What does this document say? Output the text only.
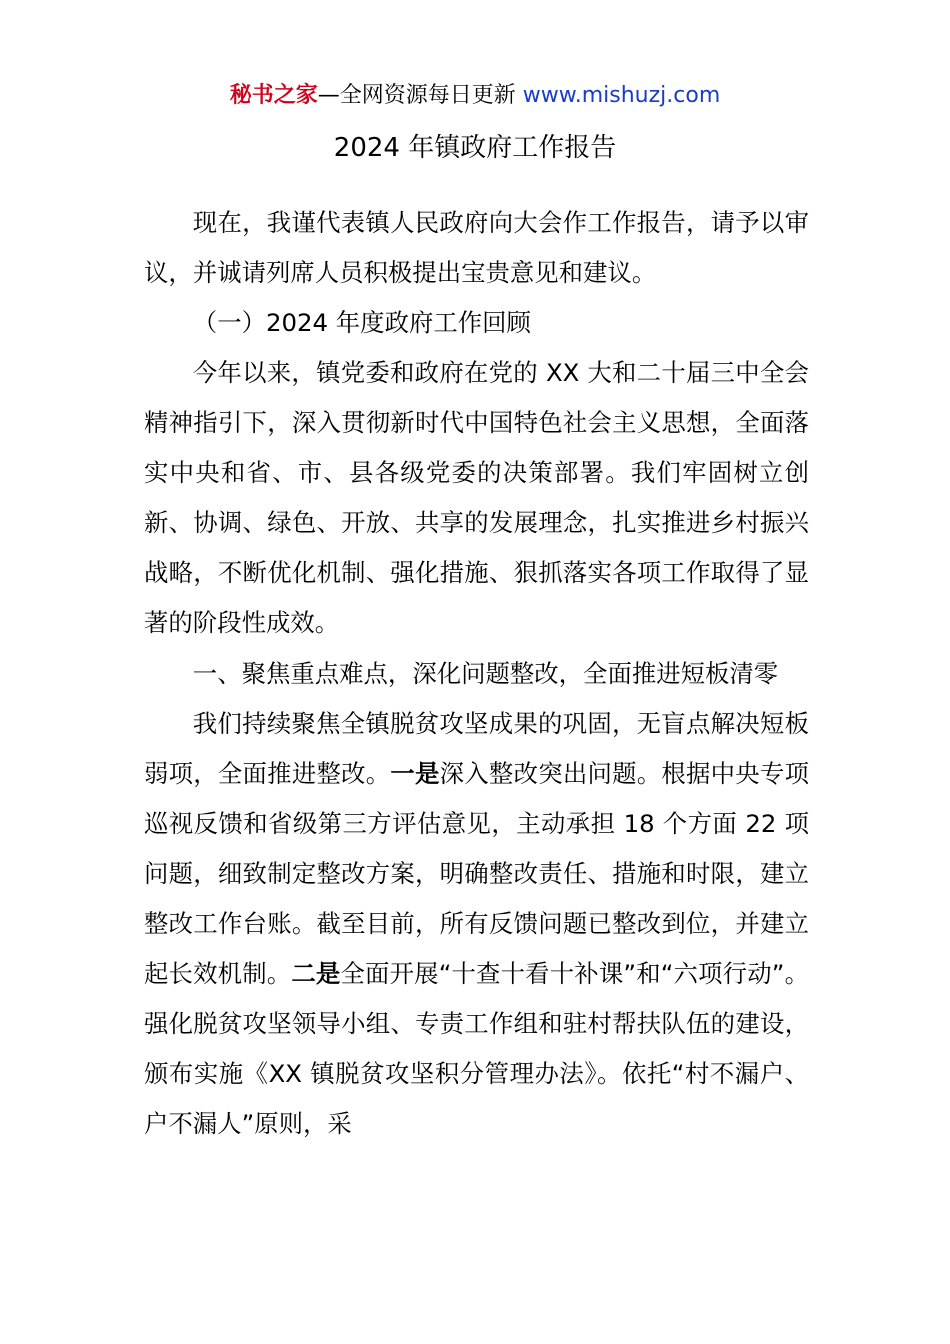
秘书之家—全网资源每日更新 www.mishuzj.com
2024 年镇政府工作报告

现在，我谨代表镇人民政府向大会作工作报告，请予以审议，并诚请列席人员积极提出宝贵意见和建议。

（一）2024 年度政府工作回顾

今年以来，镇党委和政府在党的 XX 大和二十届三中全会精神指引下，深入贯彻新时代中国特色社会主义思想，全面落实中央和省、市、县各级党委的决策部署。我们牢固树立创新、协调、绿色、开放、共享的发展理念，扎实推进乡村振兴战略，不断优化机制、强化措施、狠抓落实各项工作取得了显著的阶段性成效。

一、聚焦重点难点，深化问题整改，全面推进短板清零

我们持续聚焦全镇脱贫攻坚成果的巩固，无盲点解决短板弱项，全面推进整改。一是深入整改突出问题。根据中央专项巡视反馈和省级第三方评估意见，主动承担 18 个方面 22 项问题，细致制定整改方案，明确整改责任、措施和时限，建立整改工作台账。截至目前，所有反馈问题已整改到位，并建立起长效机制。二是全面开展“十查十看十补课”和“六项行动”。强化脱贫攻坚领导小组、专责工作组和驻村帮扶队伍的建设，颁布实施《XX 镇脱贫攻坚积分管理办法》。依托“村不漏户、户不漏人”原则，采
